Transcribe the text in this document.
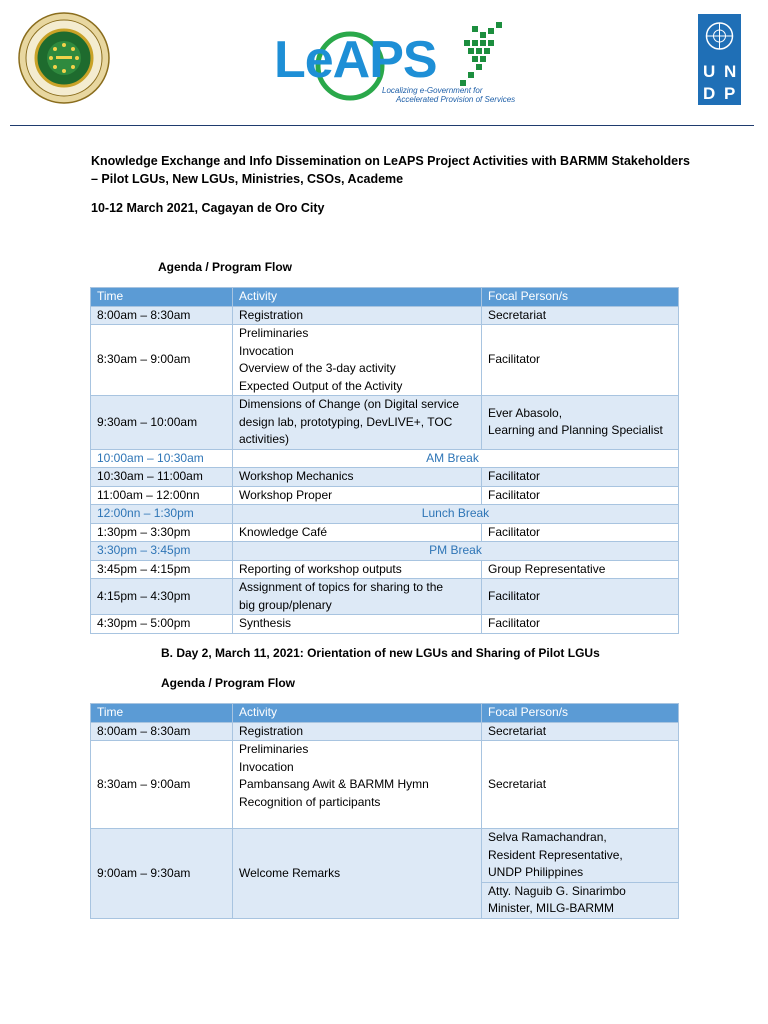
LeAPS
Localizing e-Government for
Accelerated Provision of Services
U N
D P
Knowledge Exchange and Info Dissemination on LeAPS Project Activities with BARMM Stakeholders – Pilot LGUs, New LGUs, Ministries, CSOs, Academe
10-12 March 2021, Cagayan de Oro City
Agenda / Program Flow
Time	Activity	Focal Person/s
8:00am – 8:30am	Registration	Secretariat
8:30am – 9:00am	Preliminaries
Invocation
Overview of the 3-day activity
Expected Output of the Activity	Facilitator
9:30am – 10:00am	Dimensions of Change (on Digital service
design lab, prototyping, DevLIVE+, TOC
activities)	Ever Abasolo,
Learning and Planning Specialist

10:00am – 10:30am	AM Break	
10:30am – 11:00am	Workshop Mechanics	Facilitator
11:00am – 12:00nn	Workshop Proper	Facilitator
12:00nn – 1:30pm	Lunch Break	
1:30pm – 3:30pm	Knowledge Café	Facilitator
3:30pm – 3:45pm	PM Break	
3:45pm – 4:15pm	Reporting of workshop outputs	Group Representative
4:15pm – 4:30pm	Assignment of topics for sharing to the
big group/plenary	Facilitator
4:30pm – 5:00pm	Synthesis	Facilitator
B. Day 2, March 11, 2021: Orientation of new LGUs and Sharing of Pilot LGUs
Agenda / Program Flow
Time	Activity	Focal Person/s
8:00am – 8:30am	Registration	Secretariat
8:30am – 9:00am	Preliminaries
Invocation
Pambansang Awit & BARMM Hymn
Recognition of participants	Secretariat
9:00am – 9:30am	Welcome Remarks	Selva Ramachandran,
Resident Representative,
UNDP Philippines

		Atty. Naguib G. Sinarimbo
Minister, MILG-BARMM
